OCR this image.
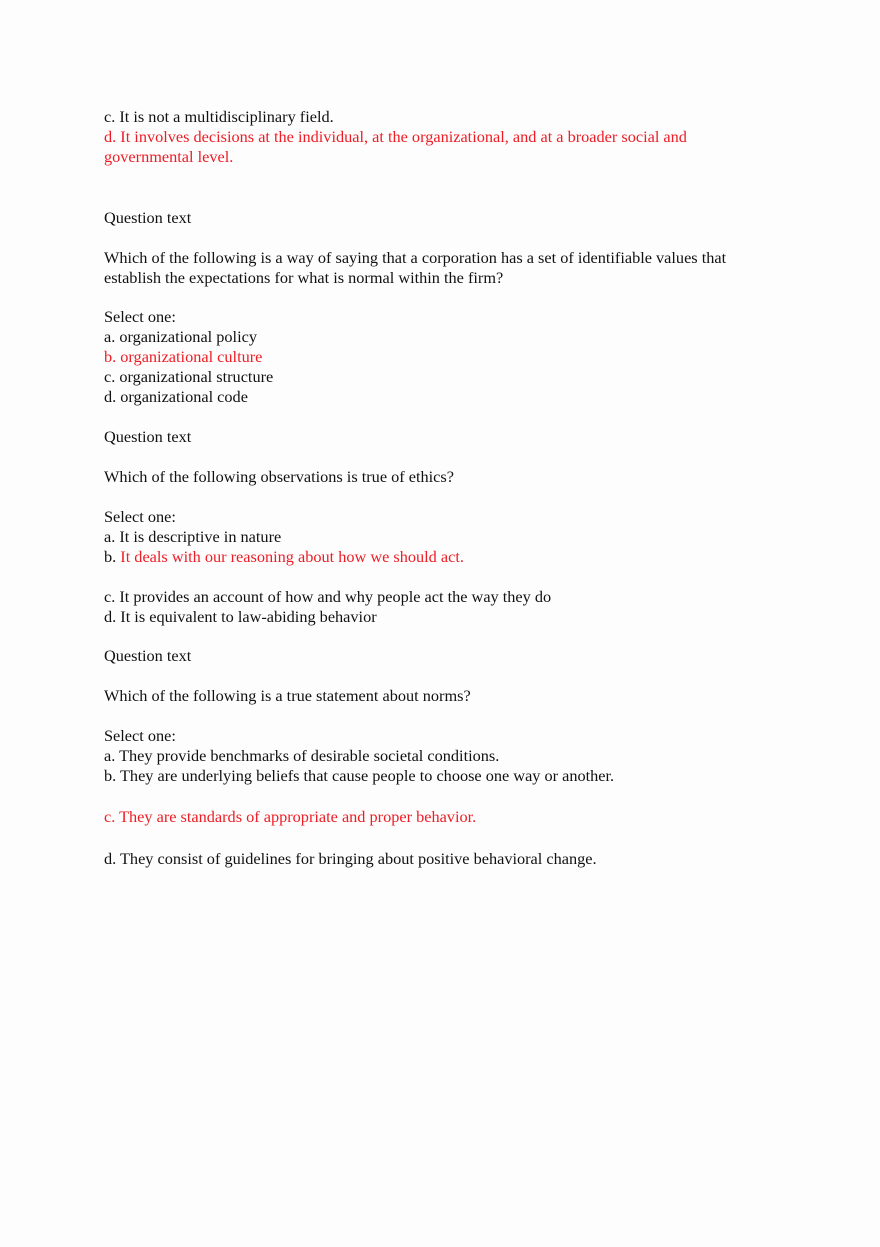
c. It is not a multidisciplinary field.
d. It involves decisions at the individual, at the organizational, and at a broader social and
governmental level.
Question text
Which of the following is a way of saying that a corporation has a set of identifiable values that
establish the expectations for what is normal within the firm?
Select one:
a. organizational policy
b. organizational culture
c. organizational structure
d. organizational code
Question text
Which of the following observations is true of ethics?
Select one:
a. It is descriptive in nature
b. It deals with our reasoning about how we should act.
c. It provides an account of how and why people act the way they do
d. It is equivalent to law-abiding behavior
Question text
Which of the following is a true statement about norms?
Select one:
a. They provide benchmarks of desirable societal conditions.
b. They are underlying beliefs that cause people to choose one way or another.
c. They are standards of appropriate and proper behavior.
d. They consist of guidelines for bringing about positive behavioral change.
